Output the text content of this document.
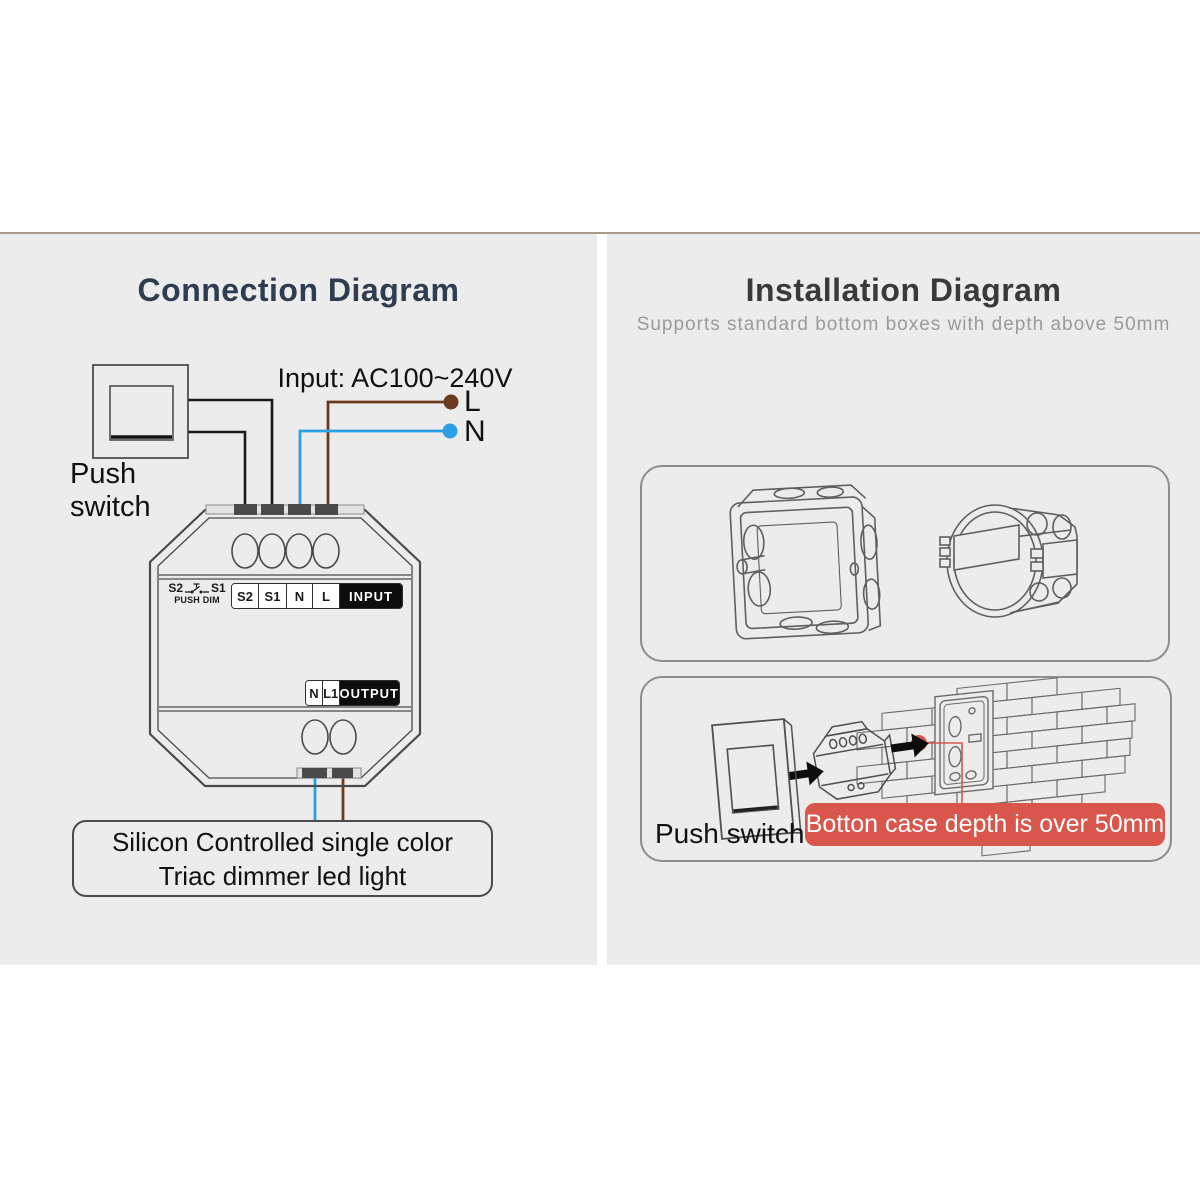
Connection Diagram
Push switch
Input: AC100~240V
L
N
S2 S1
PUSH DIM	S2 S1	N	L	INPUT
N L1 OUTPUT
Silicon Controlled single color
Triac dimmer led light
Installation Diagram
Supports standard bottom boxes with depth above 50mm
Botton case depth is over 50mm
Push switch
